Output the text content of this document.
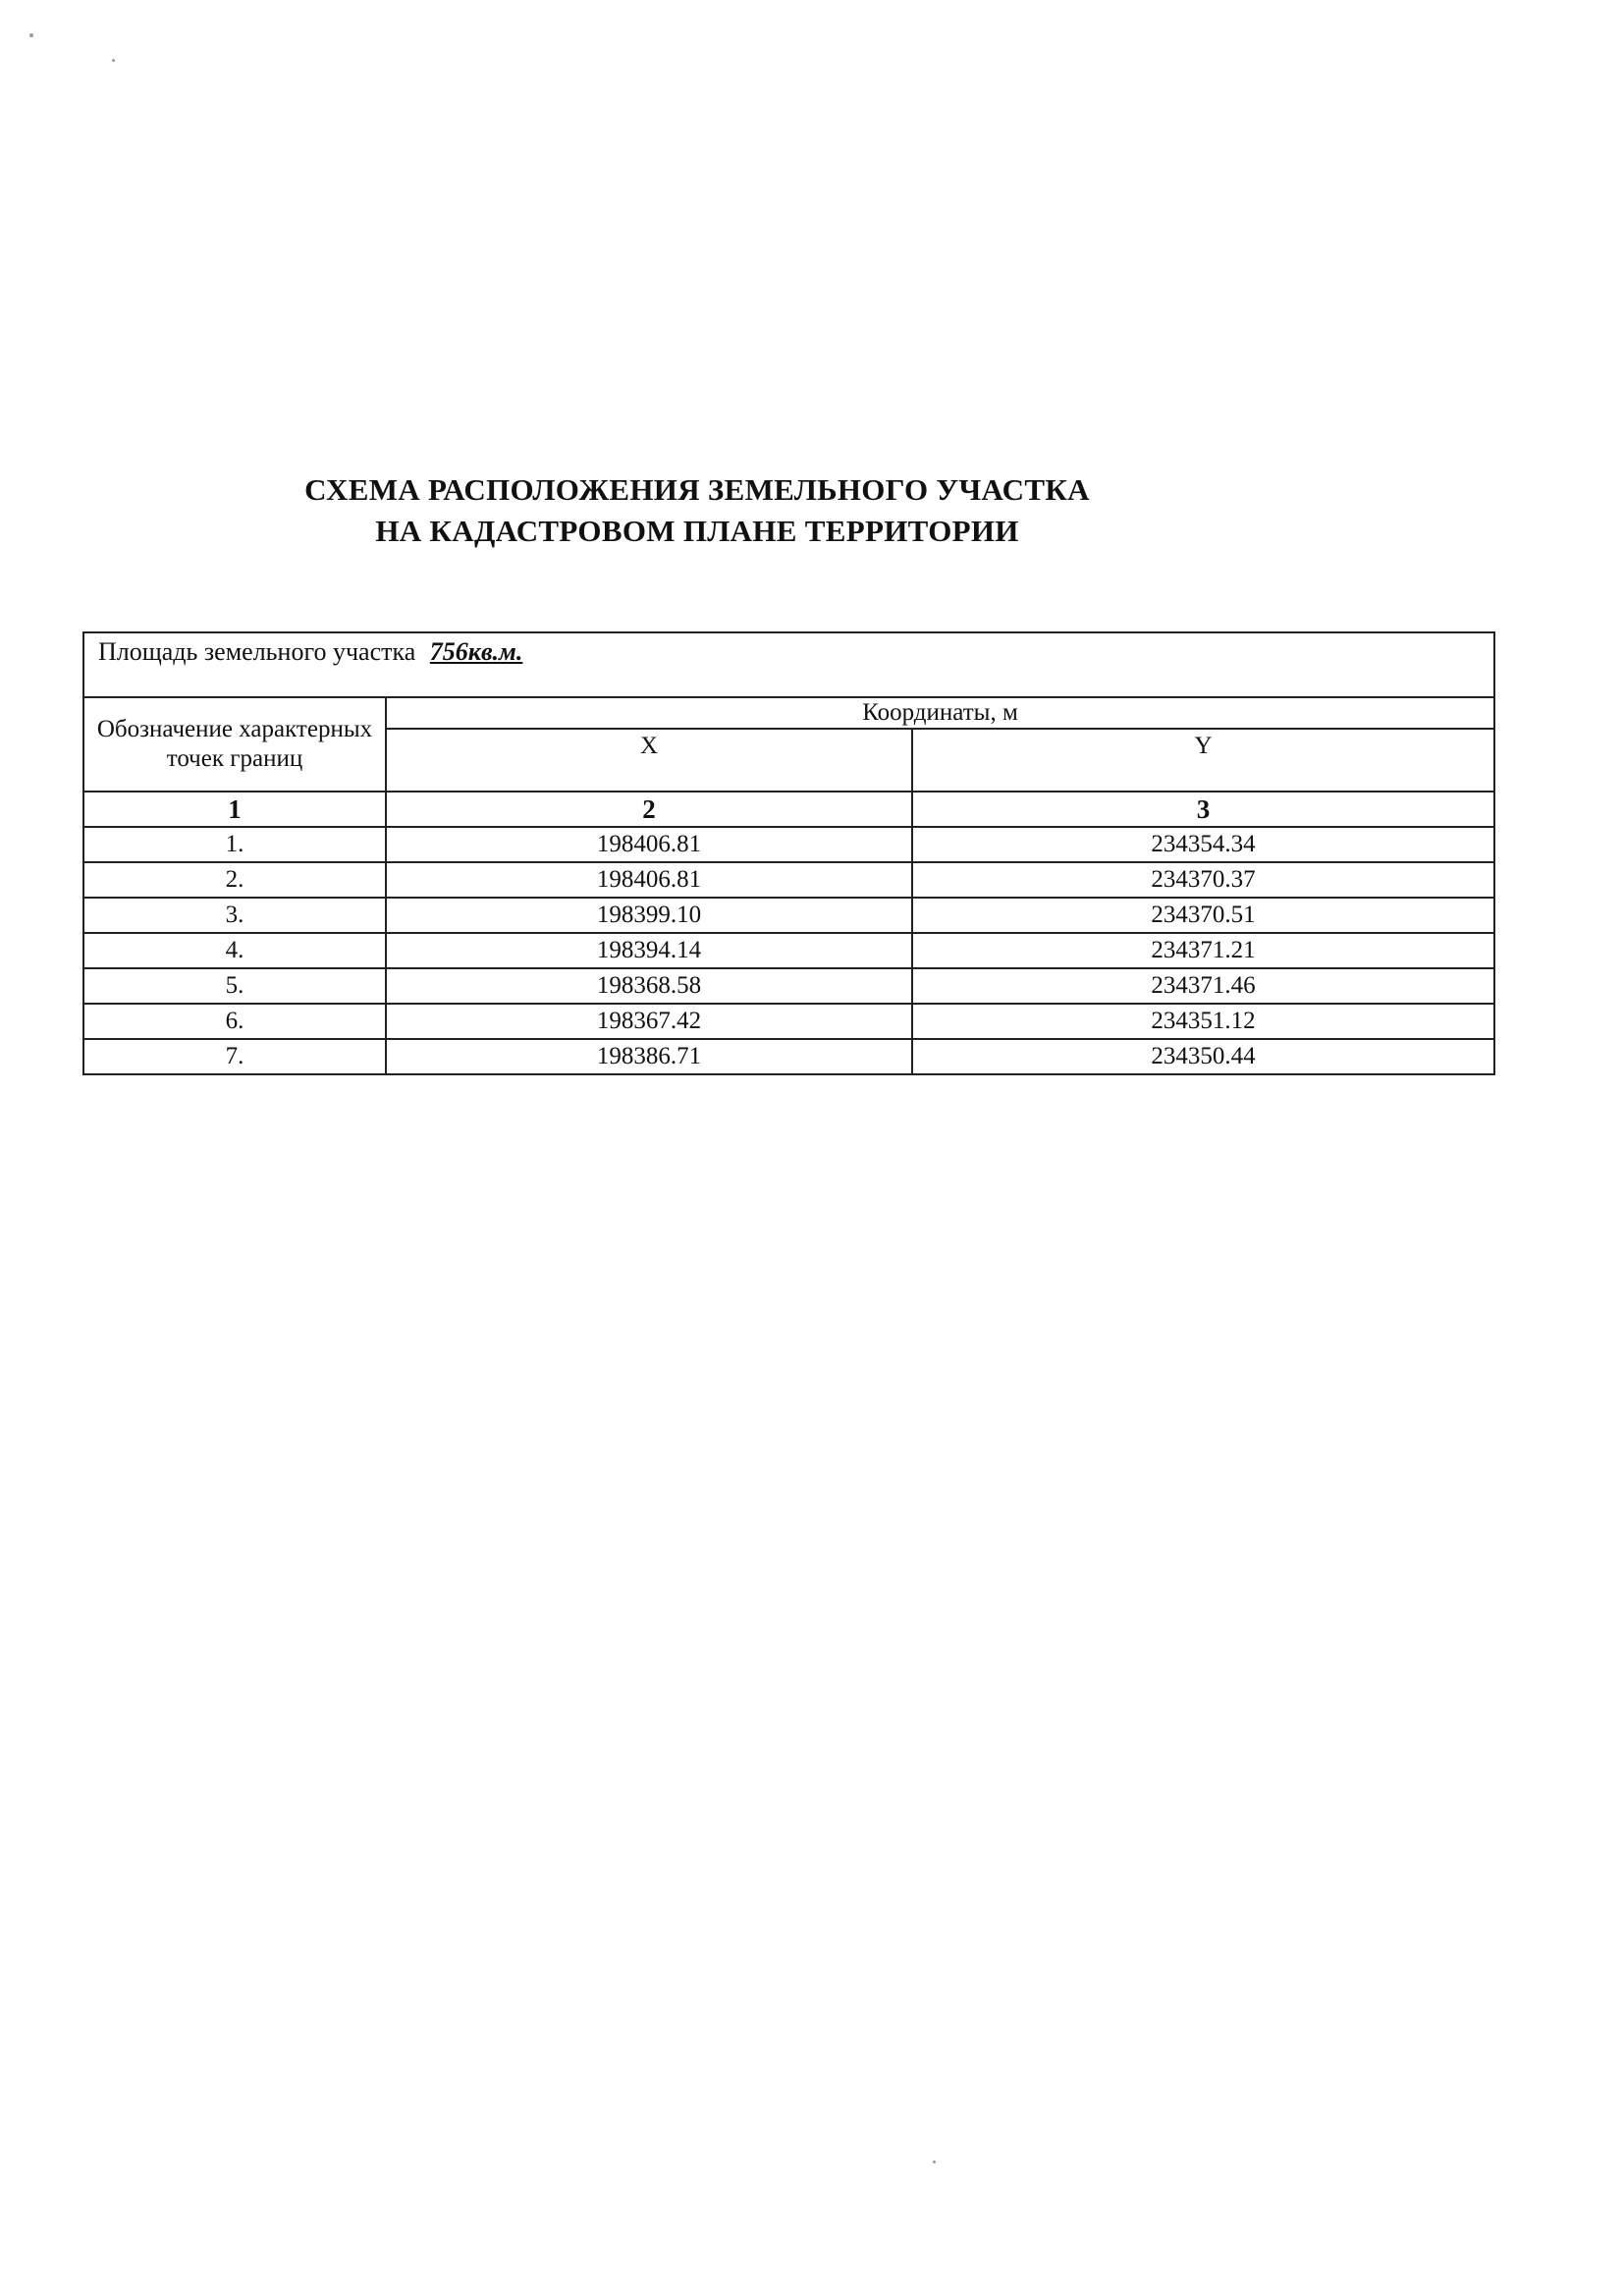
СХЕМА РАСПОЛОЖЕНИЯ ЗЕМЕЛЬНОГО УЧАСТКА
НА КАДАСТРОВОМ ПЛАНЕ ТЕРРИТОРИИ
Площадь земельного участка 756кв.м.		
Обозначение характерных точек границ	Координаты, м	
	X	Y
1	2	3
1.	198406.81	234354.34
2.	198406.81	234370.37
3.	198399.10	234370.51
4.	198394.14	234371.21
5.	198368.58	234371.46
6.	198367.42	234351.12
7.	198386.71	234350.44
